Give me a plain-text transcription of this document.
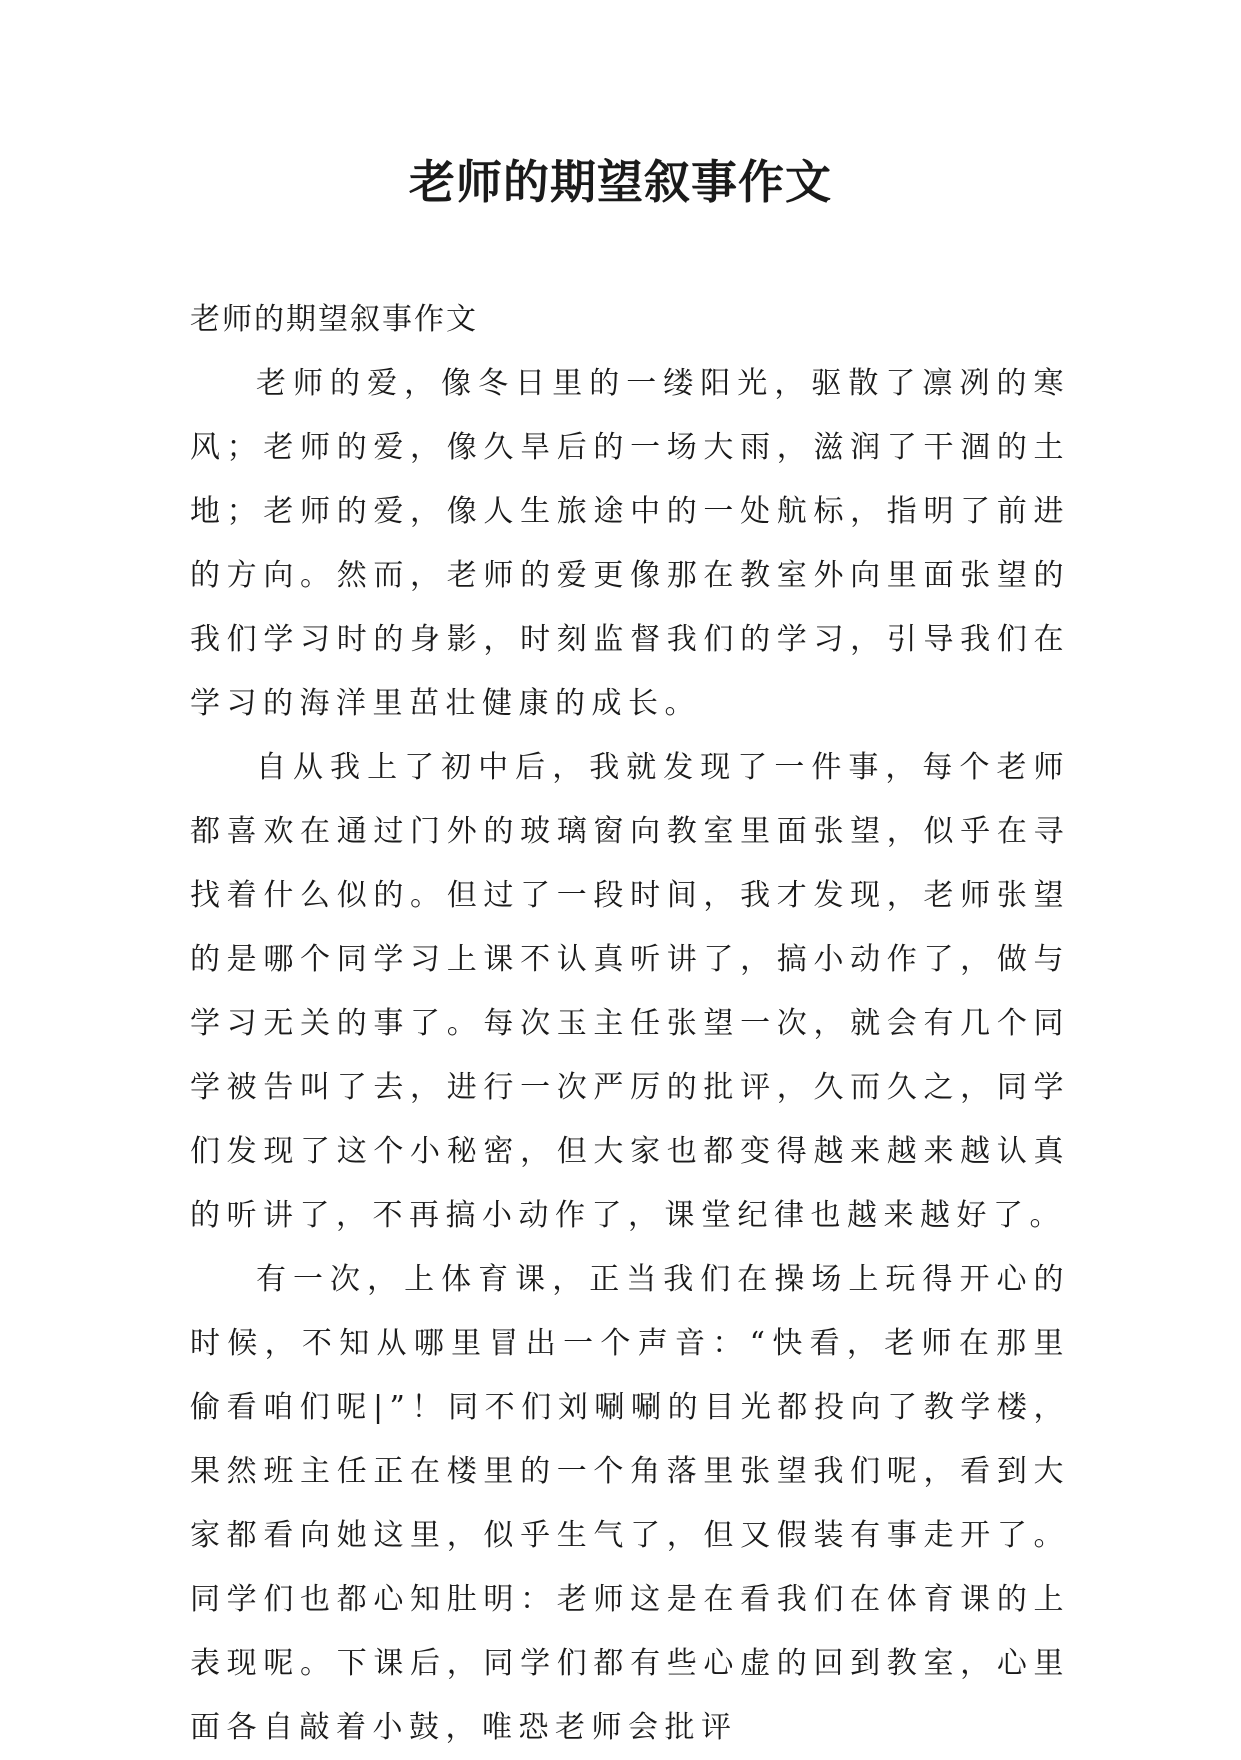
老师的期望叙事作文

老师的期望叙事作文

老师的爱，像冬日里的一缕阳光，驱散了凛冽的寒风；老师的爱，像久旱后的一场大雨，滋润了干涸的土地；老师的爱，像人生旅途中的一处航标，指明了前进的方向。然而，老师的爱更像那在教室外向里面张望的我们学习时的身影，时刻监督我们的学习，引导我们在学习的海洋里茁壮健康的成长。

自从我上了初中后，我就发现了一件事，每个老师都喜欢在通过门外的玻璃窗向教室里面张望，似乎在寻找着什么似的。但过了一段时间，我才发现，老师张望的是哪个同学习上课不认真听讲了，搞小动作了，做与学习无关的事了。每次玉主任张望一次，就会有几个同学被告叫了去，进行一次严厉的批评，久而久之，同学们发现了这个小秘密，但大家也都变得越来越来越认真的听讲了，不再搞小动作了，课堂纪律也越来越好了。

有一次，上体育课，正当我们在操场上玩得开心的时候，不知从哪里冒出一个声音：“快看，老师在那里偷看咱们呢|”！同不们刘唰唰的目光都投向了教学楼，果然班主任正在楼里的一个角落里张望我们呢，看到大家都看向她这里，似乎生气了，但又假装有事走开了。同学们也都心知肚明：老师这是在看我们在体育课的上表现呢。下课后，同学们都有些心虚的回到教室，心里面各自敲着小鼓，唯恐老师会批评
